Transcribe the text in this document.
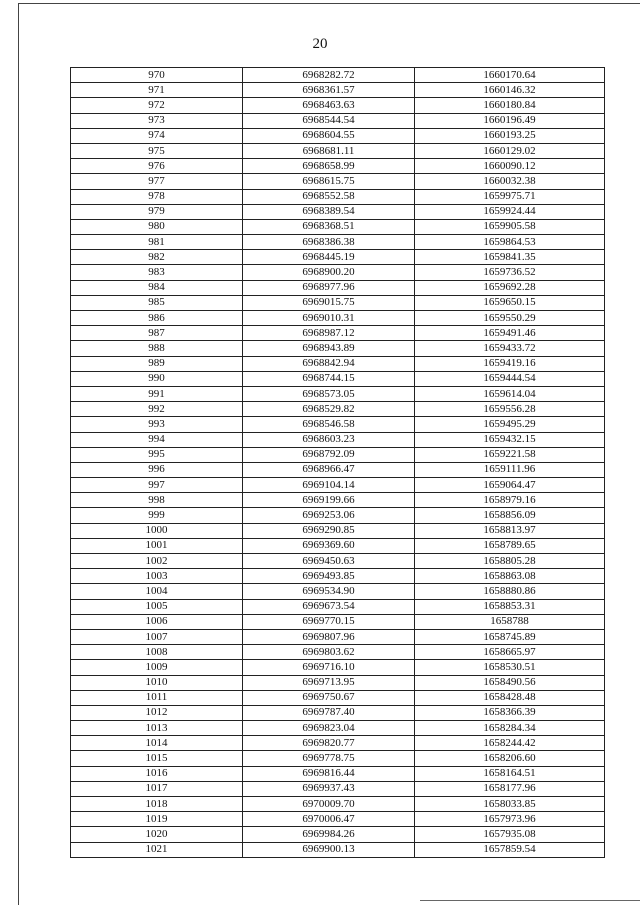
20
970	6968282.72	1660170.64
971	6968361.57	1660146.32
972	6968463.63	1660180.84
973	6968544.54	1660196.49
974	6968604.55	1660193.25
975	6968681.11	1660129.02
976	6968658.99	1660090.12
977	6968615.75	1660032.38
978	6968552.58	1659975.71
979	6968389.54	1659924.44
980	6968368.51	1659905.58
981	6968386.38	1659864.53
982	6968445.19	1659841.35
983	6968900.20	1659736.52
984	6968977.96	1659692.28
985	6969015.75	1659650.15
986	6969010.31	1659550.29
987	6968987.12	1659491.46
988	6968943.89	1659433.72
989	6968842.94	1659419.16
990	6968744.15	1659444.54
991	6968573.05	1659614.04
992	6968529.82	1659556.28
993	6968546.58	1659495.29
994	6968603.23	1659432.15
995	6968792.09	1659221.58
996	6968966.47	1659111.96
997	6969104.14	1659064.47
998	6969199.66	1658979.16
999	6969253.06	1658856.09
1000	6969290.85	1658813.97
1001	6969369.60	1658789.65
1002	6969450.63	1658805.28
1003	6969493.85	1658863.08
1004	6969534.90	1658880.86
1005	6969673.54	1658853.31
1006	6969770.15	1658788
1007	6969807.96	1658745.89
1008	6969803.62	1658665.97
1009	6969716.10	1658530.51
1010	6969713.95	1658490.56
1011	6969750.67	1658428.48
1012	6969787.40	1658366.39
1013	6969823.04	1658284.34
1014	6969820.77	1658244.42
1015	6969778.75	1658206.60
1016	6969816.44	1658164.51
1017	6969937.43	1658177.96
1018	6970009.70	1658033.85
1019	6970006.47	1657973.96
1020	6969984.26	1657935.08
1021	6969900.13	1657859.54
